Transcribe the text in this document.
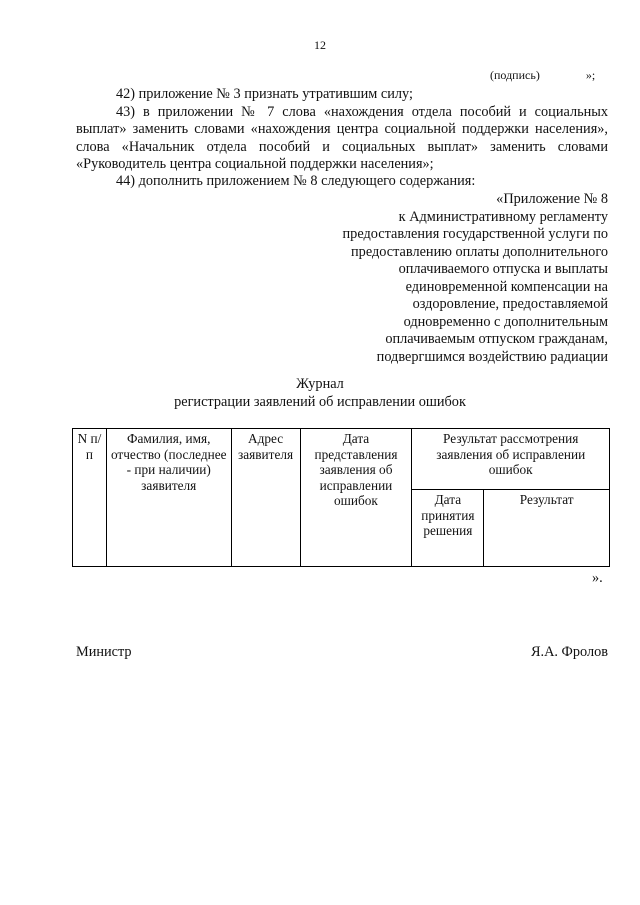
12
(подпись)	»;
42) приложение № 3 признать утратившим силу;
43) в приложении № 7 слова «нахождения отдела пособий и социальных выплат» заменить словами «нахождения центра социальной поддержки населения», слова «Начальник отдела пособий и социальных выплат» заменить словами «Руководитель центра социальной поддержки населения»;
44) дополнить приложением № 8 следующего содержания:
«Приложение № 8
к Административному регламенту
предоставления государственной услуги по
предоставлению оплаты дополнительного
оплачиваемого отпуска и выплаты
единовременной компенсации на
оздоровление, предоставляемой
одновременно с дополнительным
оплачиваемым отпуском гражданам,
подвергшимся воздействию радиации
Журнал
регистрации заявлений об исправлении ошибок
N п/п	Фамилия, имя, отчество (последнее - при наличии) заявителя	Адрес заявителя	Дата представления заявления об исправлении ошибок	Результат рассмотрения заявления об исправлении ошибок	
				Дата принятия решения	Результат
».
Министр	Я.А. Фролов
